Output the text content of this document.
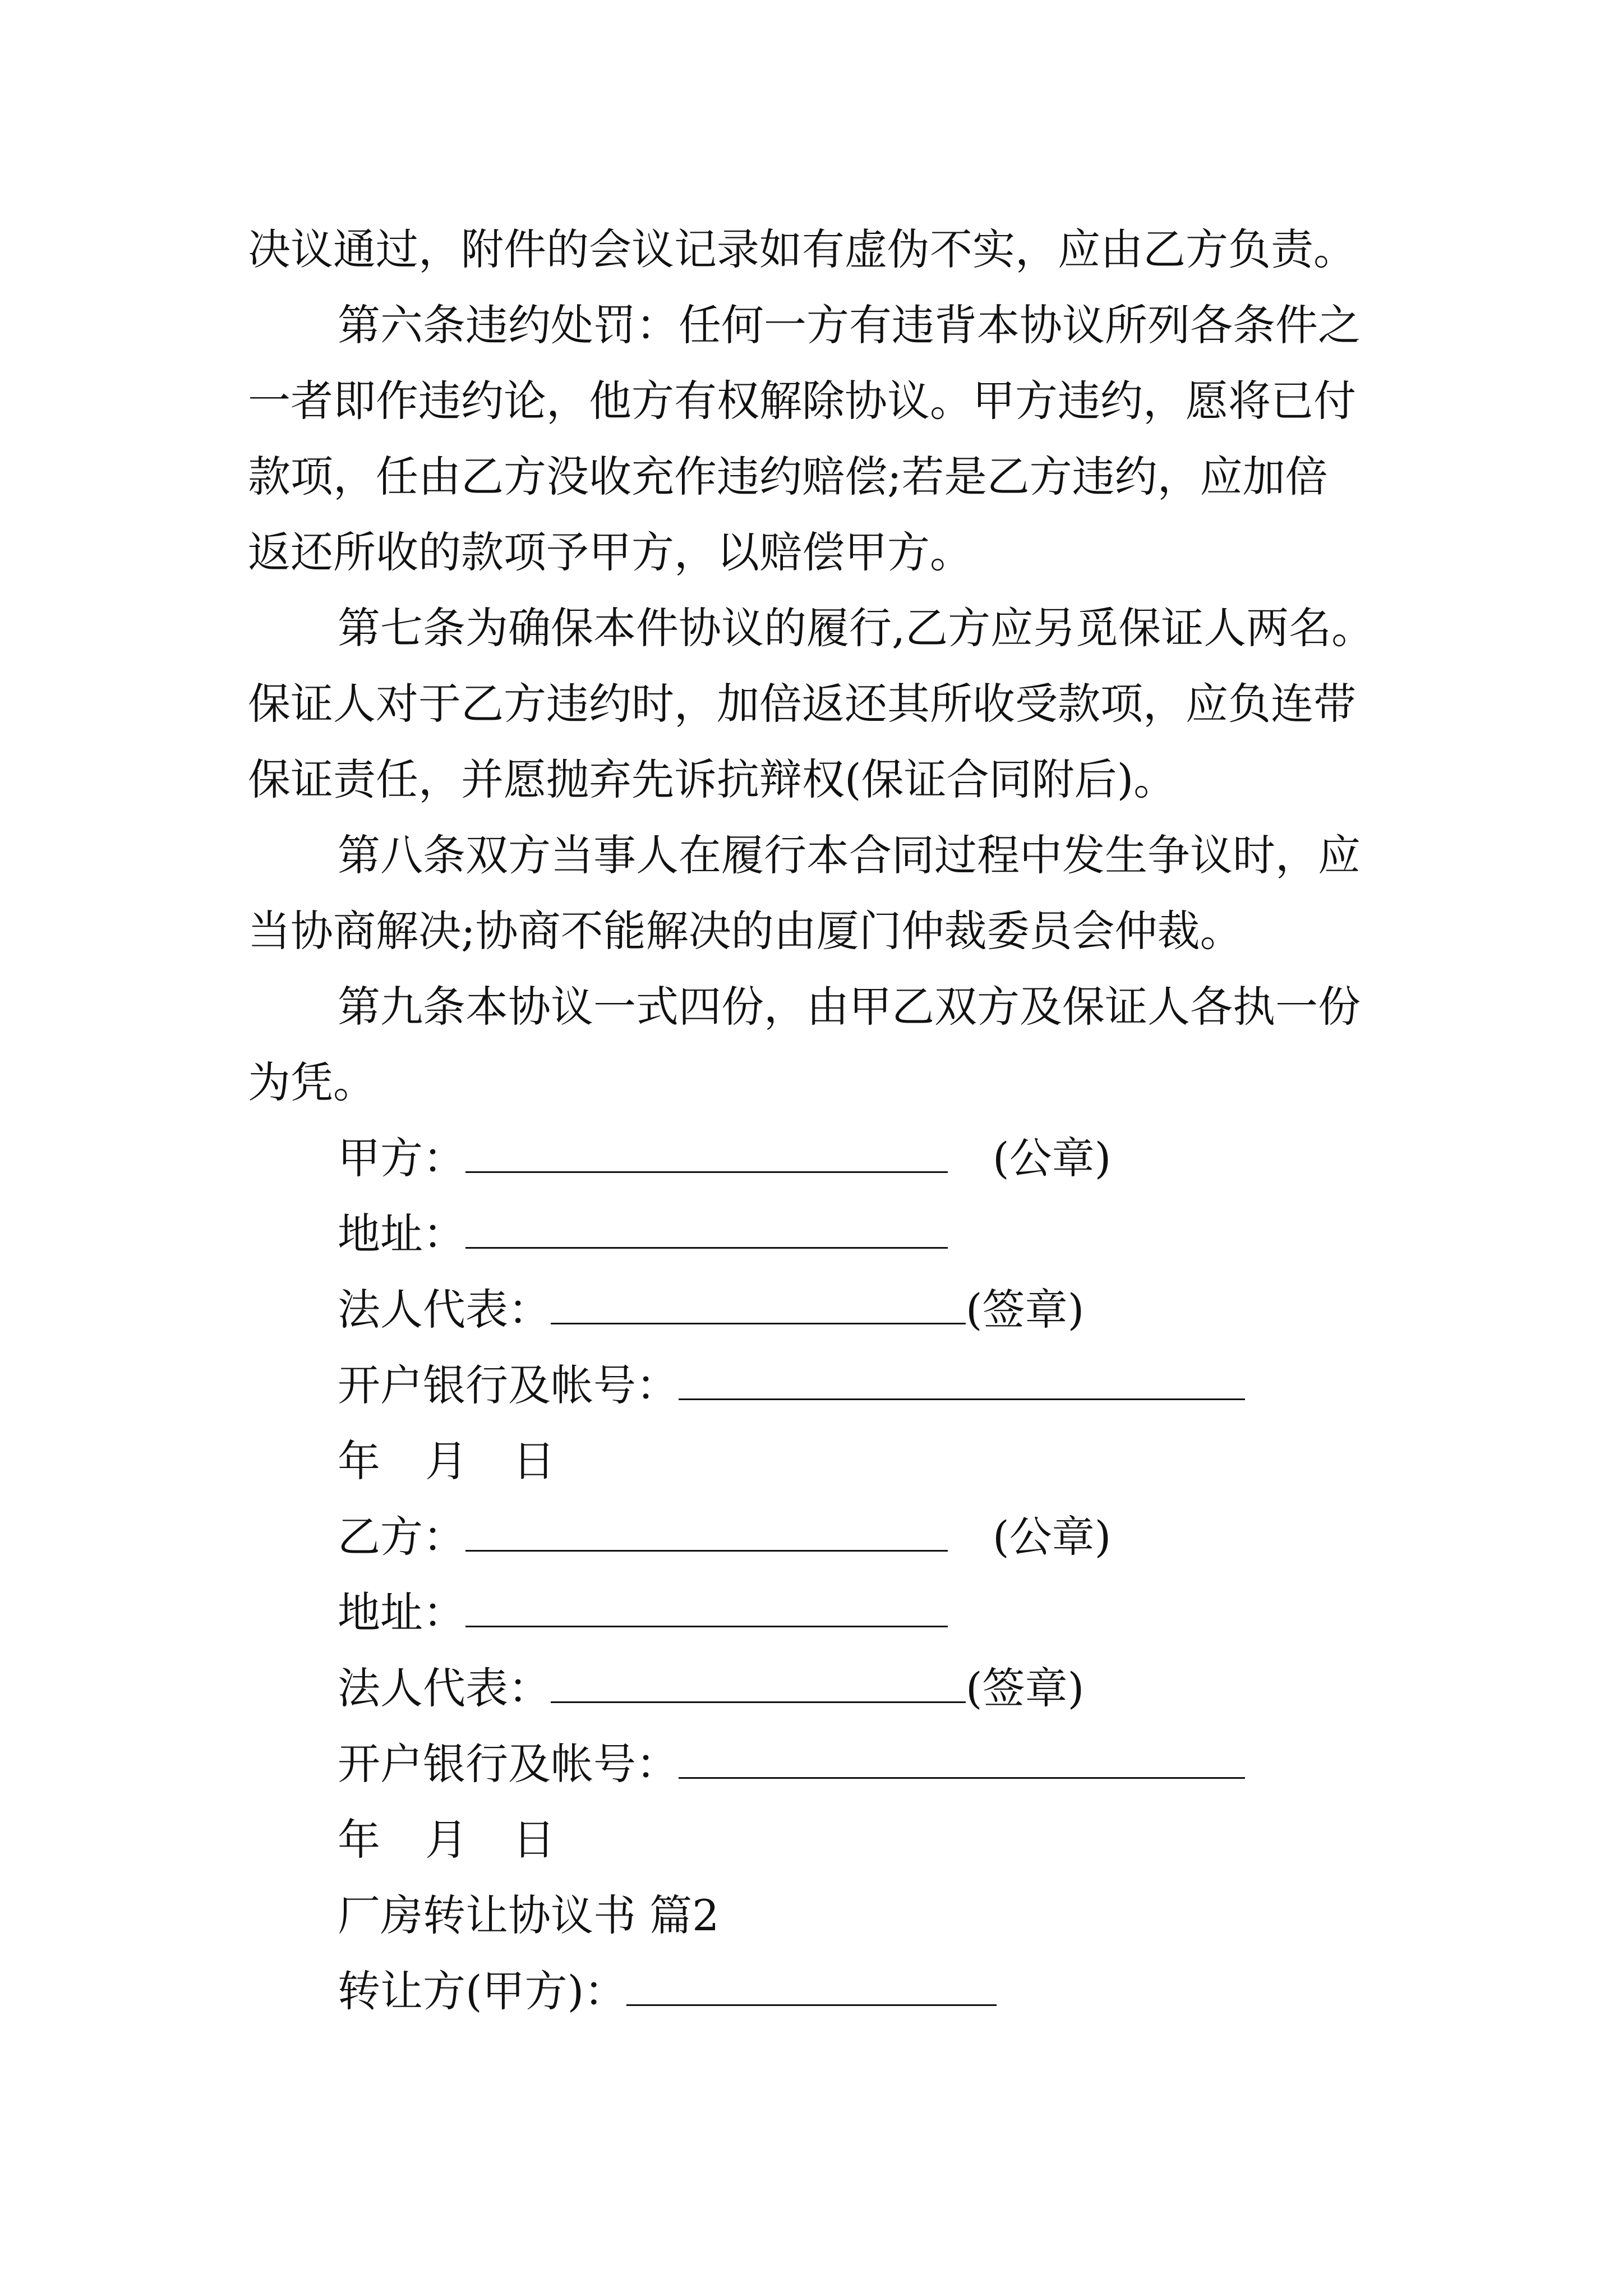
决议通过，附件的会议记录如有虚伪不实，应由乙方负责。
第六条违约处罚：任何一方有违背本协议所列各条件之
一者即作违约论，他方有权解除协议。甲方违约，愿将已付
款项，任由乙方没收充作违约赔偿;若是乙方违约，应加倍
返还所收的款项予甲方，以赔偿甲方。
第七条为确保本件协议的履行,乙方应另觅保证人两名。
保证人对于乙方违约时，加倍返还其所收受款项，应负连带
保证责任，并愿抛弃先诉抗辩权(保证合同附后)。
第八条双方当事人在履行本合同过程中发生争议时，应
当协商解决;协商不能解决的由厦门仲裁委员会仲裁。
第九条本协议一式四份，由甲乙双方及保证人各执一份
为凭。
甲方：	(公章)
地址：
法人代表：	(签章)
开户银行及帐号：
年 月 日
乙方：	(公章)
地址：
法人代表：	(签章)
开户银行及帐号：
年 月 日
厂房转让协议书 篇2
转让方(甲方)：
